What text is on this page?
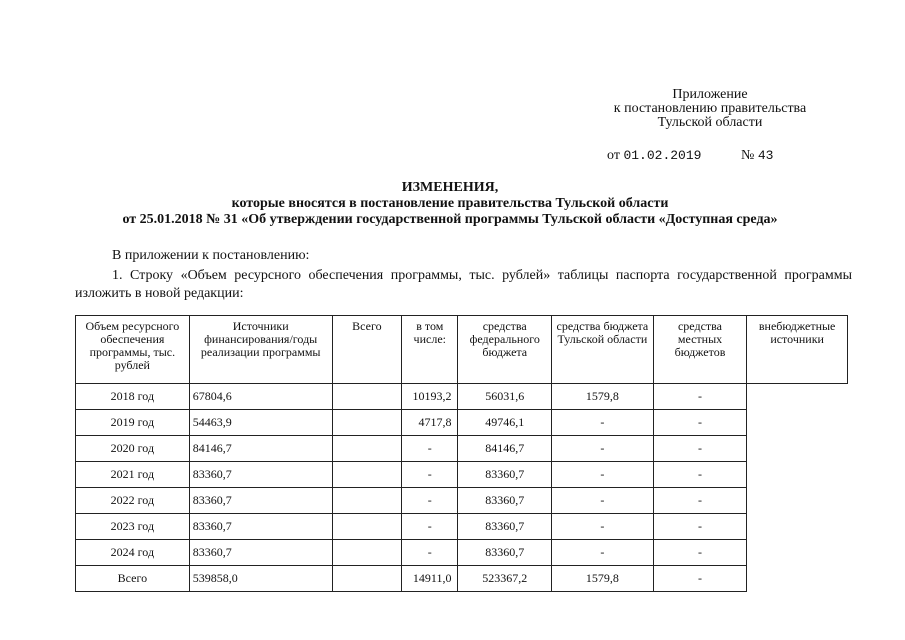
Приложение
к постановлению правительства
Тульской области
от 01.02.2019	№ 43
ИЗМЕНЕНИЯ,
которые вносятся в постановление правительства Тульской области
от 25.01.2018 № 31 «Об утверждении государственной программы Тульской области «Доступная среда»
В приложении к постановлению:
1. Строку «Объем ресурсного обеспечения программы, тыс. рублей» таблицы паспорта государственной программы изложить в новой редакции:
Объем ресурсного обеспечения программы, тыс. рублей	Источники финансирования/годы реализации программы	Всего	в том числе:	средства федерального бюджета	средства бюджета Тульской области	средства местных бюджетов	внебюджетные источники
2018 год	67804,6		10193,2	56031,6	1579,8	-	
2019 год	54463,9		4717,8	49746,1	-	-	
2020 год	84146,7		-	84146,7	-	-	
2021 год	83360,7		-	83360,7	-	-	
2022 год	83360,7		-	83360,7	-	-	
2023 год	83360,7		-	83360,7	-	-	
2024 год	83360,7		-	83360,7	-	-	
Всего	539858,0		14911,0	523367,2	1579,8	-	
